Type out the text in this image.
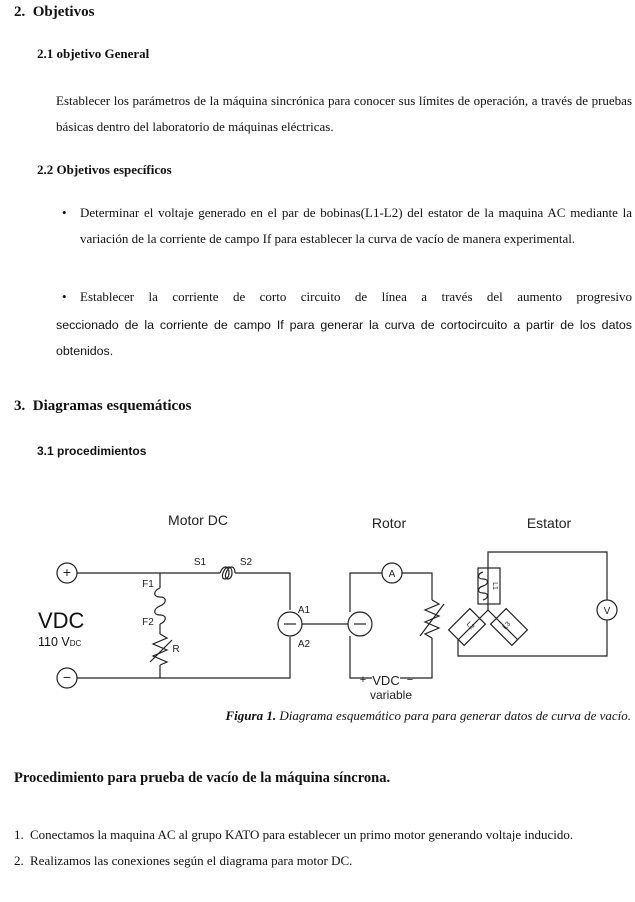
2. Objetivos
2.1 objetivo General
Establecer los parámetros de la máquina sincrónica para conocer sus límites de operación, a través de pruebas básicas dentro del laboratorio de máquinas eléctricas.
2.2 Objetivos específicos
• Determinar el voltaje generado en el par de bobinas(L1-L2) del estator de la maquina AC mediante la variación de la corriente de campo If para establecer la curva de vacío de manera experimental.
• Establecer la corriente de corto circuito de línea a través del aumento progresivo
seccionado de la corriente de campo If para generar la curva de cortocircuito a partir de los datos obtenidos.
3. Diagramas esquemáticos
3.1 procedimientos
Motor DC	Rotor	Estator
+
−
S1	S2
F1
F2
R
A1
A2
A
V
+ VDC −
variable
L1
L2	L3
VDC
110 VDC
Figura 1. Diagrama esquemático para para generar datos de curva de vacío.
Procedimiento para prueba de vacío de la máquina síncrona.
1. Conectamos la maquina AC al grupo KATO para establecer un primo motor generando voltaje inducido.
2. Realizamos las conexiones según el diagrama para motor DC.
